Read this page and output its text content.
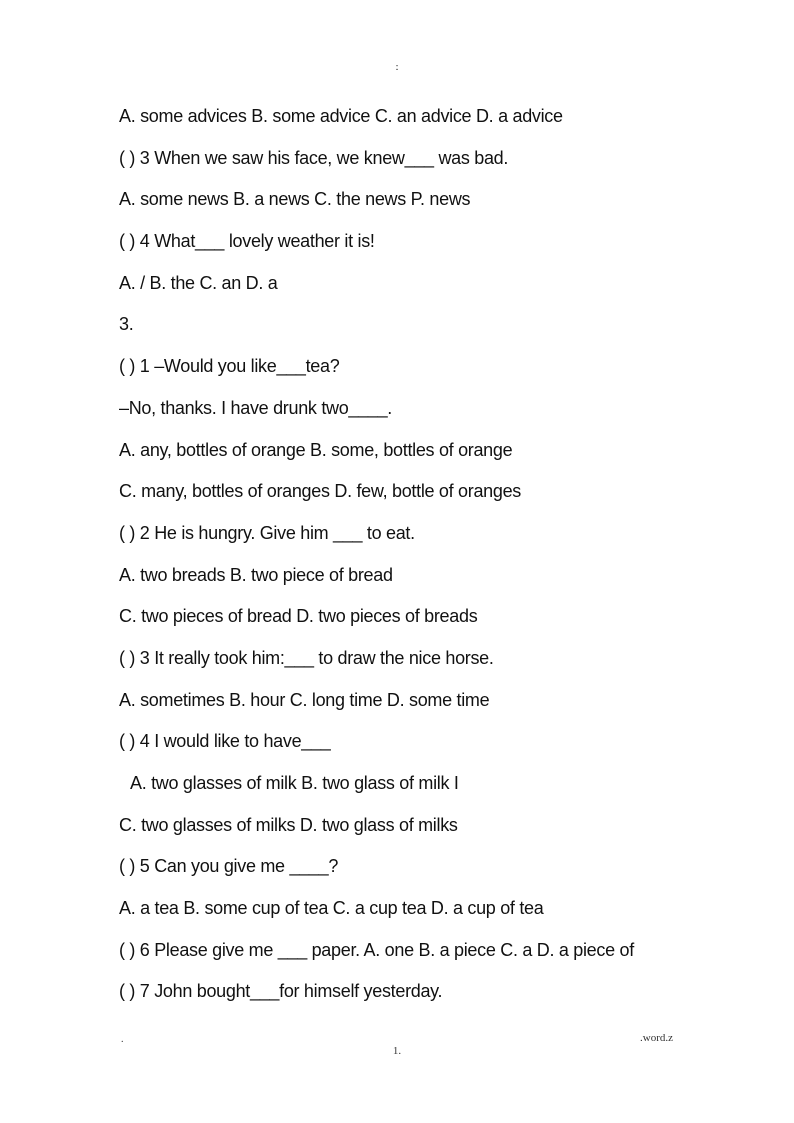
:
A. some advices B. some advice C. an advice D. a advice
( ) 3 When we saw his face, we knew___ was bad.
A. some news B. a news C. the news P. news
( ) 4 What___ lovely weather it is!
A. / B. the C. an D. a
3.
( ) 1 –Would you like___tea?
–No, thanks. I have drunk two____.
A. any, bottles of orange B. some, bottles of orange
C. many, bottles of oranges D. few, bottle of oranges
( ) 2 He is hungry. Give him ___ to eat.
A. two breads B. two piece of bread
C. two pieces of bread D. two pieces of breads
( ) 3 It really took him:___ to draw the nice horse.
A. sometimes B. hour C. long time D. some time
( ) 4 I would like to have___
A. two glasses of milk B. two glass of milk I
C. two glasses of milks D. two glass of milks
( ) 5 Can you give me ____?
A. a tea B. some cup of tea C. a cup tea D. a cup of tea
( ) 6 Please give me ___ paper. A. one B. a piece C. a D. a piece of
( ) 7 John bought___for himself yesterday.
.	.word.z
1.
